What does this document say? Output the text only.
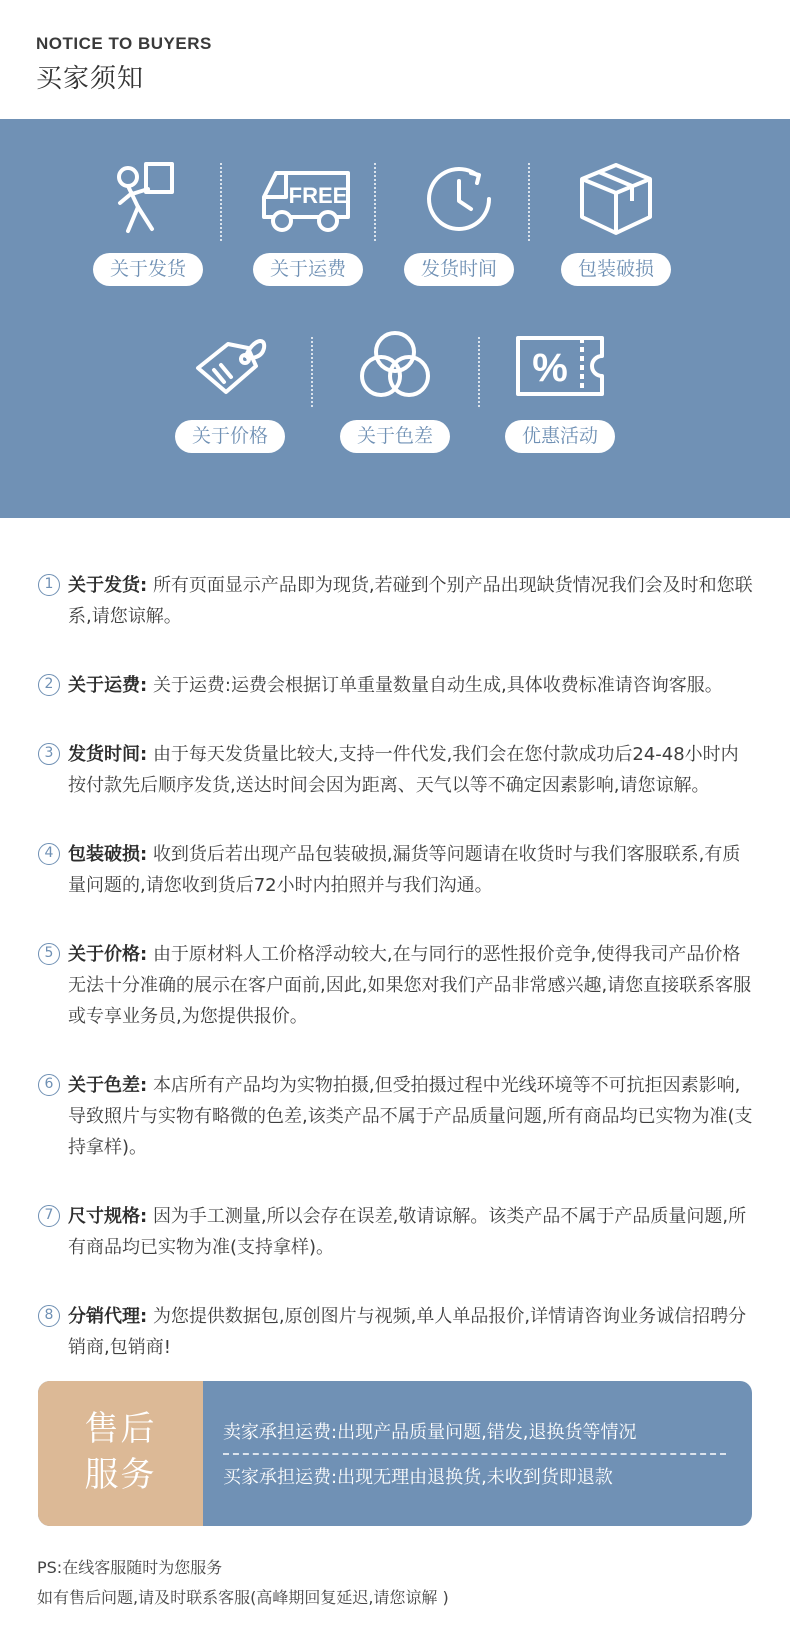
NOTICE TO BUYERS
买家须知
关于发货
FREE
关于运费	发货时间	包装破损
关于价格	关于色差
%
优惠活动
1 关于发货: 所有页面显示产品即为现货,若碰到个别产品出现缺货情况我们会及时和您联系,请您谅解。
2 关于运费: 关于运费:运费会根据订单重量数量自动生成,具体收费标准请咨询客服。
3 发货时间: 由于每天发货量比较大,支持一件代发,我们会在您付款成功后24-48小时内按付款先后顺序发货,送达时间会因为距离、天气以等不确定因素影响,请您谅解。
4 包装破损: 收到货后若出现产品包装破损,漏货等问题请在收货时与我们客服联系,有质量问题的,请您收到货后72小时内拍照并与我们沟通。
5 关于价格: 由于原材料人工价格浮动较大,在与同行的恶性报价竞争,使得我司产品价格无法十分准确的展示在客户面前,因此,如果您对我们产品非常感兴趣,请您直接联系客服或专享业务员,为您提供报价。
6 关于色差: 本店所有产品均为实物拍摄,但受拍摄过程中光线环境等不可抗拒因素影响,导致照片与实物有略微的色差,该类产品不属于产品质量问题,所有商品均已实物为准(支持拿样)。
7 尺寸规格: 因为手工测量,所以会存在误差,敬请谅解。该类产品不属于产品质量问题,所有商品均已实物为准(支持拿样)。
8 分销代理: 为您提供数据包,原创图片与视频,单人单品报价,详情请咨询业务诚信招聘分销商,包销商!
售后
服务
卖家承担运费:出现产品质量问题,错发,退换货等情况
买家承担运费:出现无理由退换货,未收到货即退款
PS:在线客服随时为您服务
如有售后问题,请及时联系客服(高峰期回复延迟,请您谅解 )
